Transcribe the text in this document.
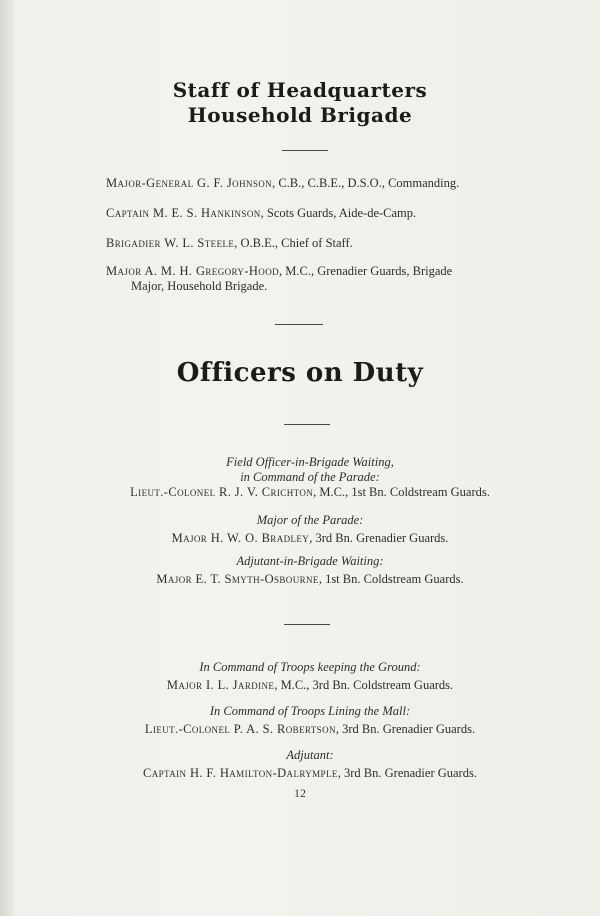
Staff of Headquarters
Household Brigade
Major-General G. F. Johnson, C.B., C.B.E., D.S.O., Commanding.
Captain M. E. S. Hankinson, Scots Guards, Aide-de-Camp.
Brigadier W. L. Steele, O.B.E., Chief of Staff.
Major A. M. H. Gregory-Hood, M.C., Grenadier Guards, Brigade
Major, Household Brigade.
Officers on Duty
Field Officer-in-Brigade Waiting,
in Command of the Parade:
Lieut.-Colonel R. J. V. Crichton, M.C., 1st Bn. Coldstream Guards.
Major of the Parade:
Major H. W. O. Bradley, 3rd Bn. Grenadier Guards.
Adjutant-in-Brigade Waiting:
Major E. T. Smyth-Osbourne, 1st Bn. Coldstream Guards.
In Command of Troops keeping the Ground:
Major I. L. Jardine, M.C., 3rd Bn. Coldstream Guards.
In Command of Troops Lining the Mall:
Lieut.-Colonel P. A. S. Robertson, 3rd Bn. Grenadier Guards.
Adjutant:
Captain H. F. Hamilton-Dalrymple, 3rd Bn. Grenadier Guards.
12
